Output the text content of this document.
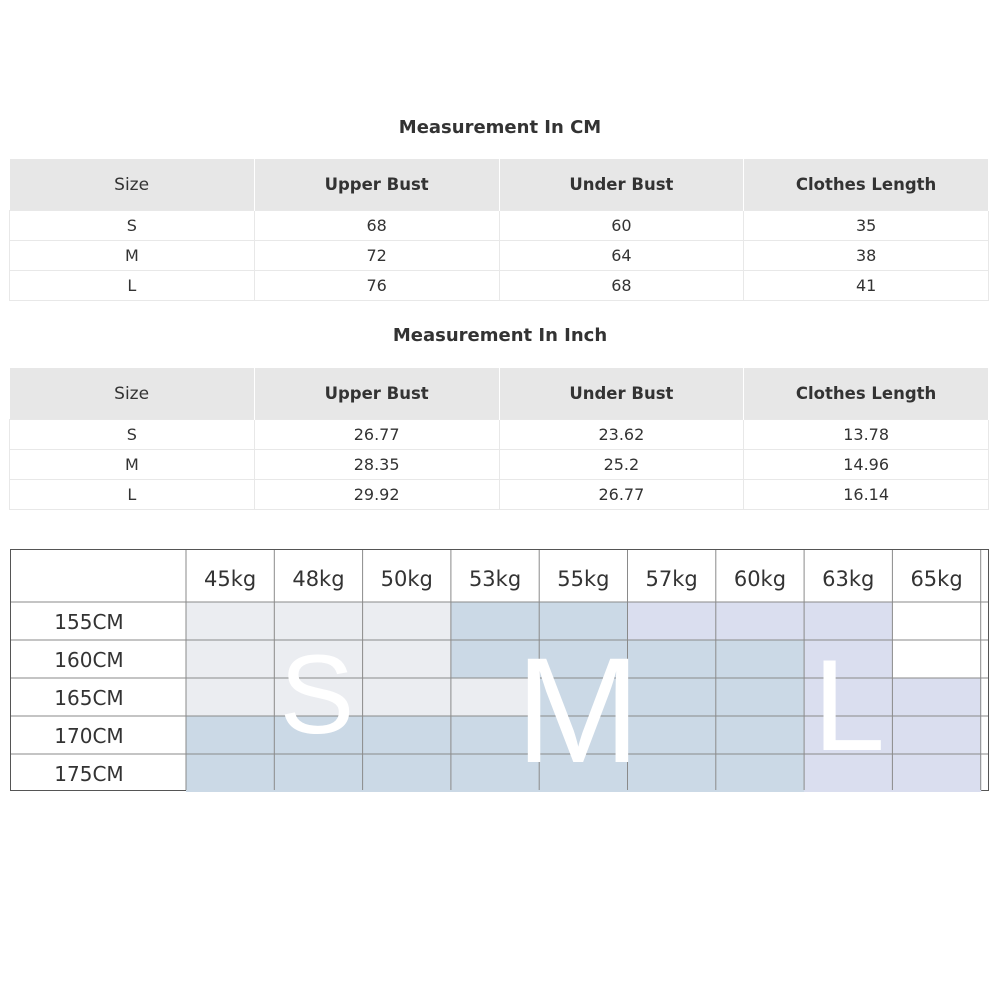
Measurement In CM
Size	Upper Bust	Under Bust	Clothes Length
S	68	60	35
M	72	64	38
L	76	68	41
Measurement In Inch
Size	Upper Bust	Under Bust	Clothes Length
S	26.77	23.62	13.78
M	28.35	25.2	14.96
L	29.92	26.77	16.14
45kg 48kg 50kg 53kg 55kg 57kg 60kg 63kg 65kg
155CM
160CM
165CM
170CM
175CM
S M L
